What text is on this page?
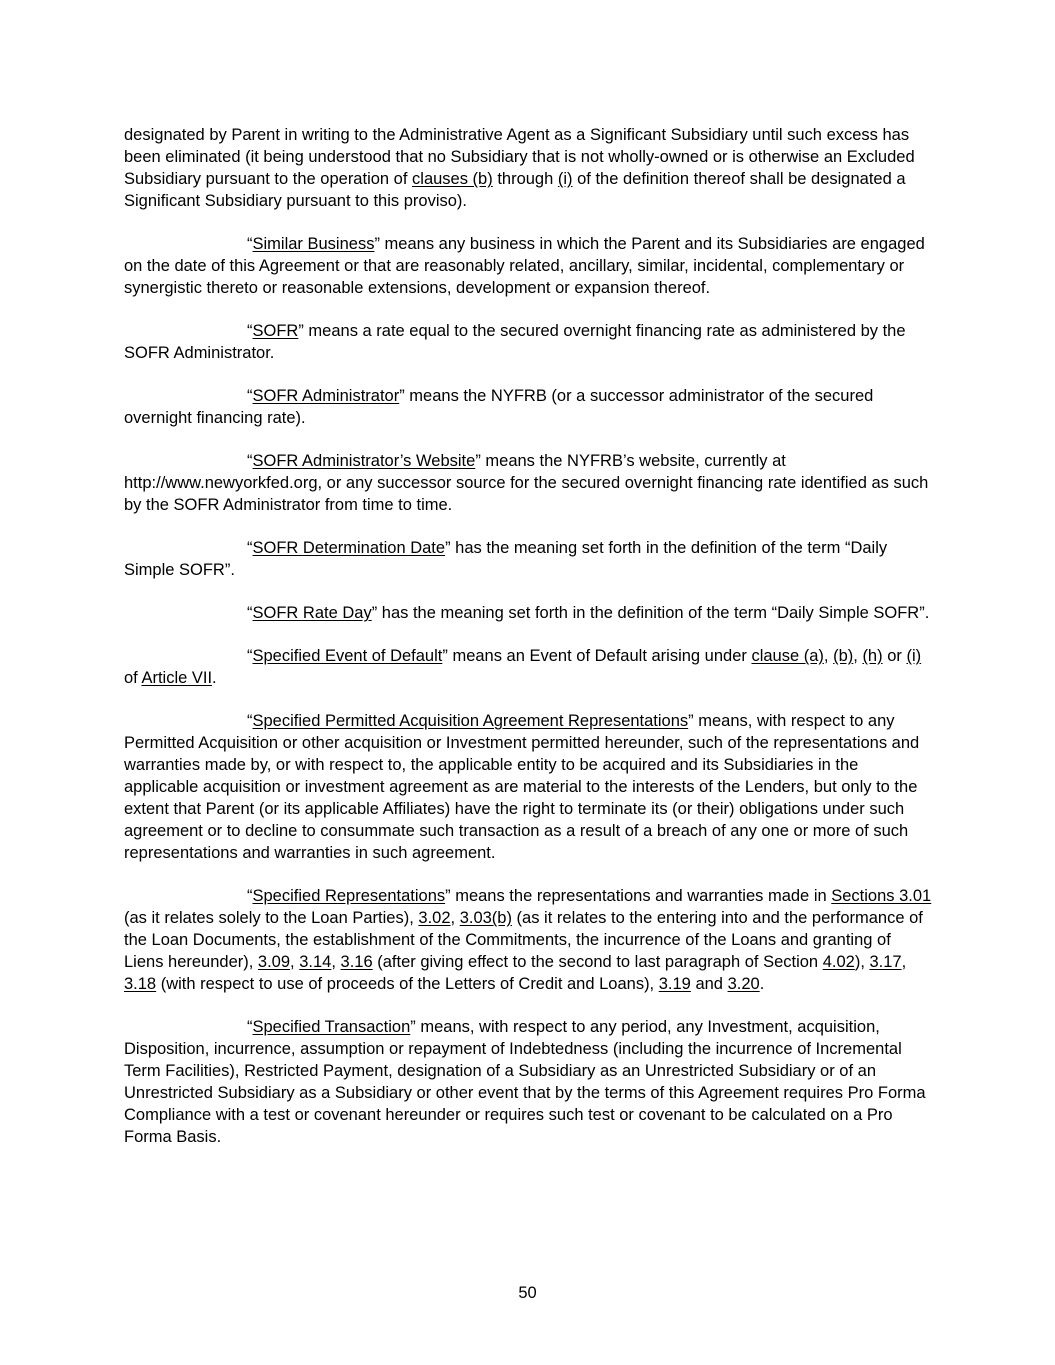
designated by Parent in writing to the Administrative Agent as a Significant Subsidiary until such excess has been eliminated (it being understood that no Subsidiary that is not wholly-owned or is otherwise an Excluded Subsidiary pursuant to the operation of clauses (b) through (i) of the definition thereof shall be designated a Significant Subsidiary pursuant to this proviso).

“Similar Business” means any business in which the Parent and its Subsidiaries are engaged on the date of this Agreement or that are reasonably related, ancillary, similar, incidental, complementary or synergistic thereto or reasonable extensions, development or expansion thereof.

“SOFR” means a rate equal to the secured overnight financing rate as administered by the SOFR Administrator.

“SOFR Administrator” means the NYFRB (or a successor administrator of the secured overnight financing rate).

“SOFR Administrator’s Website” means the NYFRB’s website, currently at http://www.newyorkfed.org, or any successor source for the secured overnight financing rate identified as such by the SOFR Administrator from time to time.

“SOFR Determination Date” has the meaning set forth in the definition of the term “Daily Simple SOFR”.

“SOFR Rate Day” has the meaning set forth in the definition of the term “Daily Simple SOFR”.

“Specified Event of Default” means an Event of Default arising under clause (a), (b), (h) or (i) of Article VII.

“Specified Permitted Acquisition Agreement Representations” means, with respect to any Permitted Acquisition or other acquisition or Investment permitted hereunder, such of the representations and warranties made by, or with respect to, the applicable entity to be acquired and its Subsidiaries in the applicable acquisition or investment agreement as are material to the interests of the Lenders, but only to the extent that Parent (or its applicable Affiliates) have the right to terminate its (or their) obligations under such agreement or to decline to consummate such transaction as a result of a breach of any one or more of such representations and warranties in such agreement.

“Specified Representations” means the representations and warranties made in Sections 3.01 (as it relates solely to the Loan Parties), 3.02, 3.03(b) (as it relates to the entering into and the performance of the Loan Documents, the establishment of the Commitments, the incurrence of the Loans and granting of Liens hereunder), 3.09, 3.14, 3.16 (after giving effect to the second to last paragraph of Section 4.02), 3.17, 3.18 (with respect to use of proceeds of the Letters of Credit and Loans), 3.19 and 3.20.

“Specified Transaction” means, with respect to any period, any Investment, acquisition, Disposition, incurrence, assumption or repayment of Indebtedness (including the incurrence of Incremental Term Facilities), Restricted Payment, designation of a Subsidiary as an Unrestricted Subsidiary or of an Unrestricted Subsidiary as a Subsidiary or other event that by the terms of this Agreement requires Pro Forma Compliance with a test or covenant hereunder or requires such test or covenant to be calculated on a Pro Forma Basis.

50
